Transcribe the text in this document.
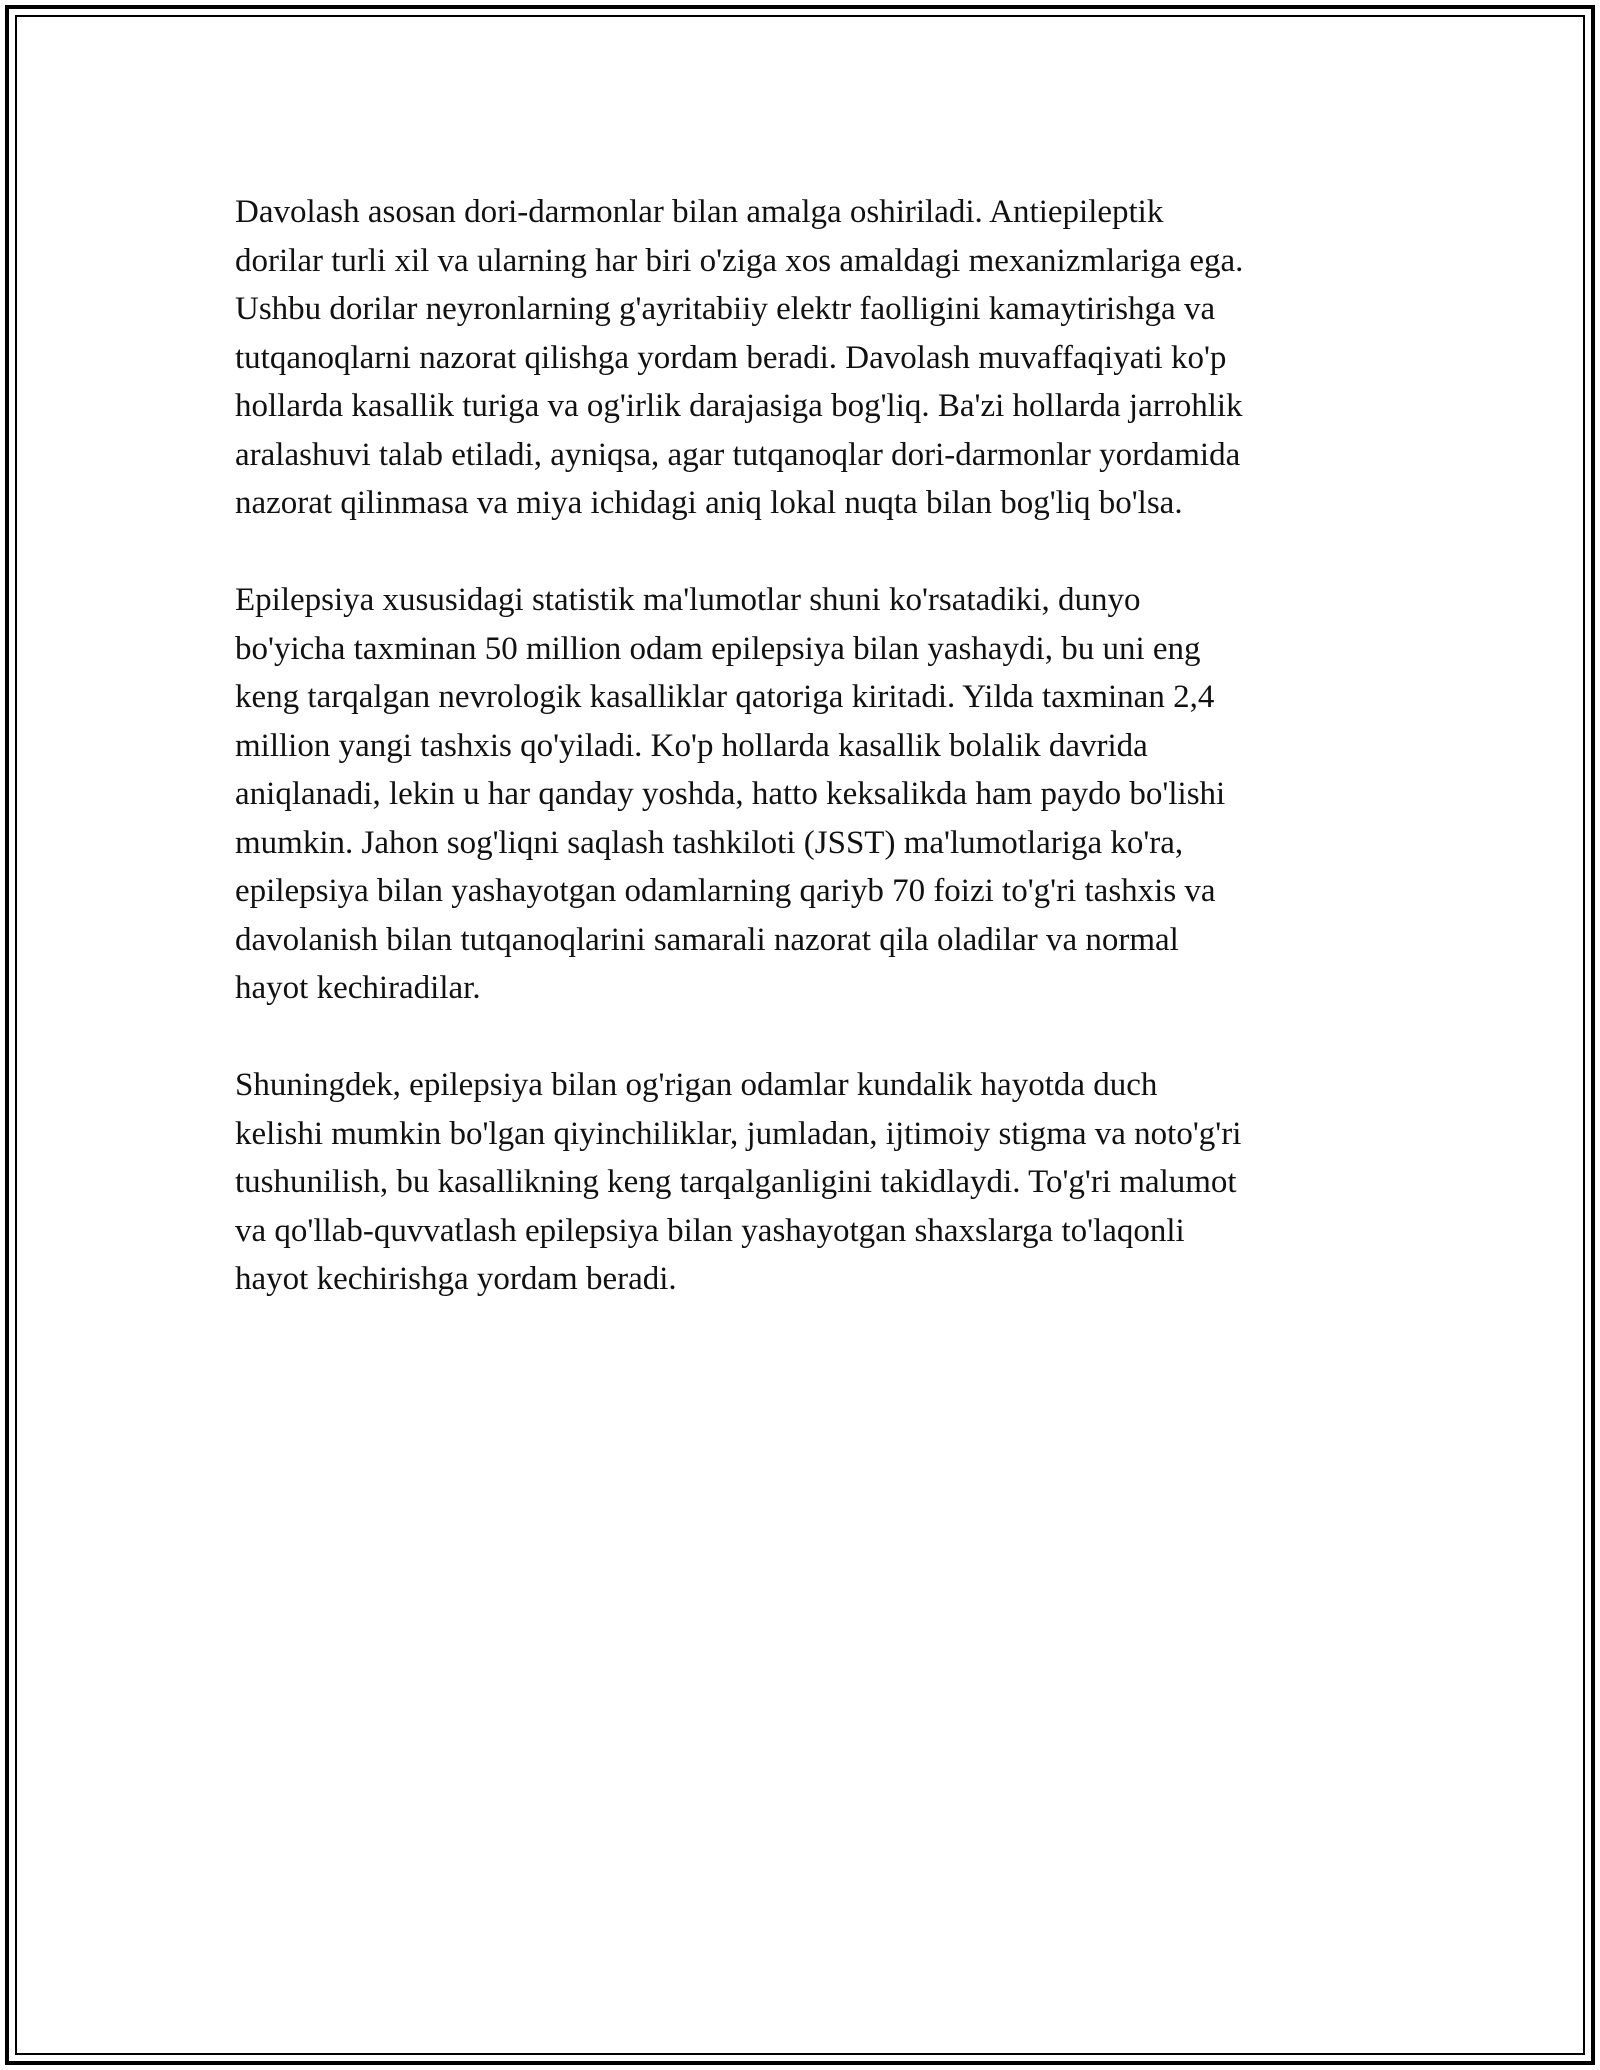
Davolash asosan dori-darmonlar bilan amalga oshiriladi. Antiepileptik
dorilar turli xil va ularning har biri o'ziga xos amaldagi mexanizmlariga ega.
Ushbu dorilar neyronlarning g'ayritabiiy elektr faolligini kamaytirishga va
tutqanoqlarni nazorat qilishga yordam beradi. Davolash muvaffaqiyati ko'p
hollarda kasallik turiga va og'irlik darajasiga bog'liq. Ba'zi hollarda jarrohlik
aralashuvi talab etiladi, ayniqsa, agar tutqanoqlar dori-darmonlar yordamida
nazorat qilinmasa va miya ichidagi aniq lokal nuqta bilan bog'liq bo'lsa.

Epilepsiya xususidagi statistik ma'lumotlar shuni ko'rsatadiki, dunyo
bo'yicha taxminan 50 million odam epilepsiya bilan yashaydi, bu uni eng
keng tarqalgan nevrologik kasalliklar qatoriga kiritadi. Yilda taxminan 2,4
million yangi tashxis qo'yiladi. Ko'p hollarda kasallik bolalik davrida
aniqlanadi, lekin u har qanday yoshda, hatto keksalikda ham paydo bo'lishi
mumkin. Jahon sog'liqni saqlash tashkiloti (JSST) ma'lumotlariga ko'ra,
epilepsiya bilan yashayotgan odamlarning qariyb 70 foizi to'g'ri tashxis va
davolanish bilan tutqanoqlarini samarali nazorat qila oladilar va normal
hayot kechiradilar.

Shuningdek, epilepsiya bilan og'rigan odamlar kundalik hayotda duch
kelishi mumkin bo'lgan qiyinchiliklar, jumladan, ijtimoiy stigma va noto'g'ri
tushunilish, bu kasallikning keng tarqalganligini takidlaydi. To'g'ri malumot
va qo'llab-quvvatlash epilepsiya bilan yashayotgan shaxslarga to'laqonli
hayot kechirishga yordam beradi.
